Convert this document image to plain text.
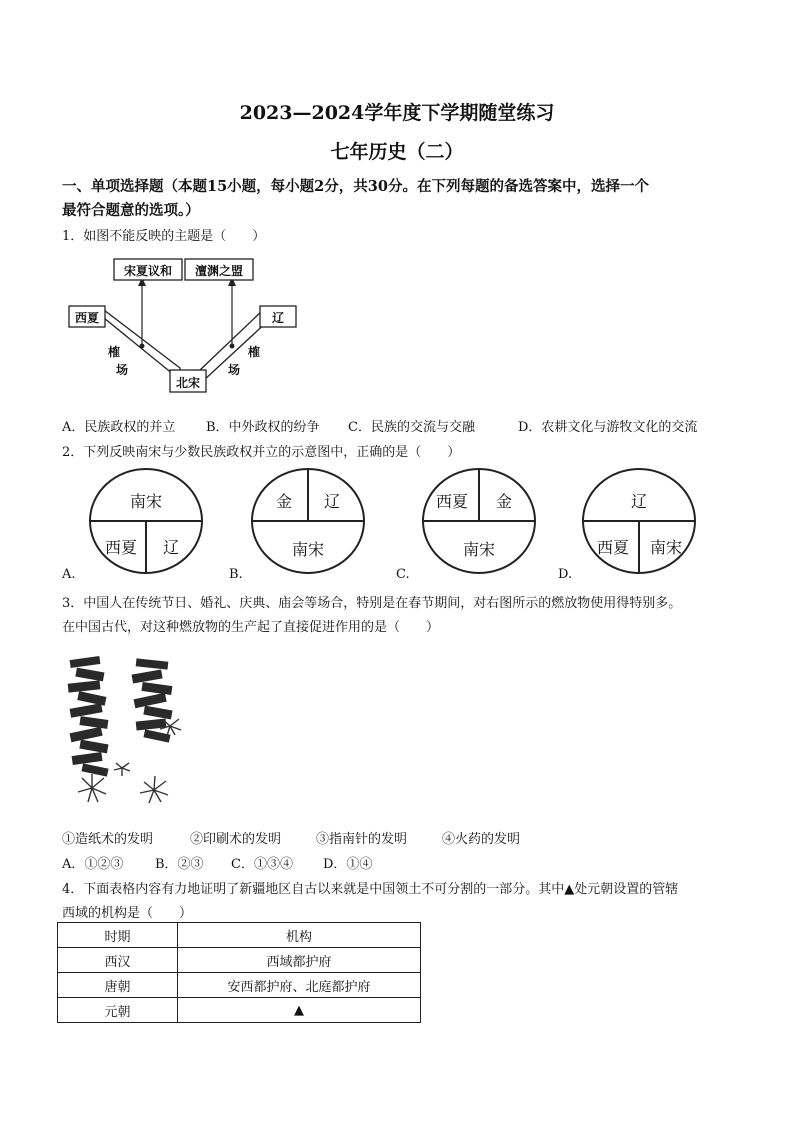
2023—2024学年度下学期随堂练习
七年历史（二）
一、单项选择题（本题15小题，每小题2分，共30分。在下列每题的备选答案中，选择一个
最符合题意的选项。）
1．如图不能反映的主题是（　　）
宋夏议和	澶渊之盟
西夏	辽
北宋
榷
场
榷
场
A．民族政权的并立 B．中外政权的纷争 C．民族的交流与交融	D．农耕文化与游牧文化的交流
2．下列反映南宋与少数民族政权并立的示意图中，正确的是（　　）
南宋
西夏	辽
A.
金	辽
南宋
B.
西夏	金
南宋
C.
辽
西夏	南宋
D.
3．中国人在传统节日、婚礼、庆典、庙会等场合，特别是在春节期间，对右图所示的燃放物使用得特别多。
在中国古代，对这种燃放物的生产起了直接促进作用的是（　　）
①造纸术的发明	②印刷术的发明	③指南针的发明	④火药的发明
A．①②③ B．②③ C．①③④ D．①④
4．下面表格内容有力地证明了新疆地区自古以来就是中国领土不可分割的一部分。其中▲处元朝设置的管辖
西域的机构是（　　）
时期	机构
西汉	西域都护府
唐朝	安西都护府、北庭都护府
元朝	▲
